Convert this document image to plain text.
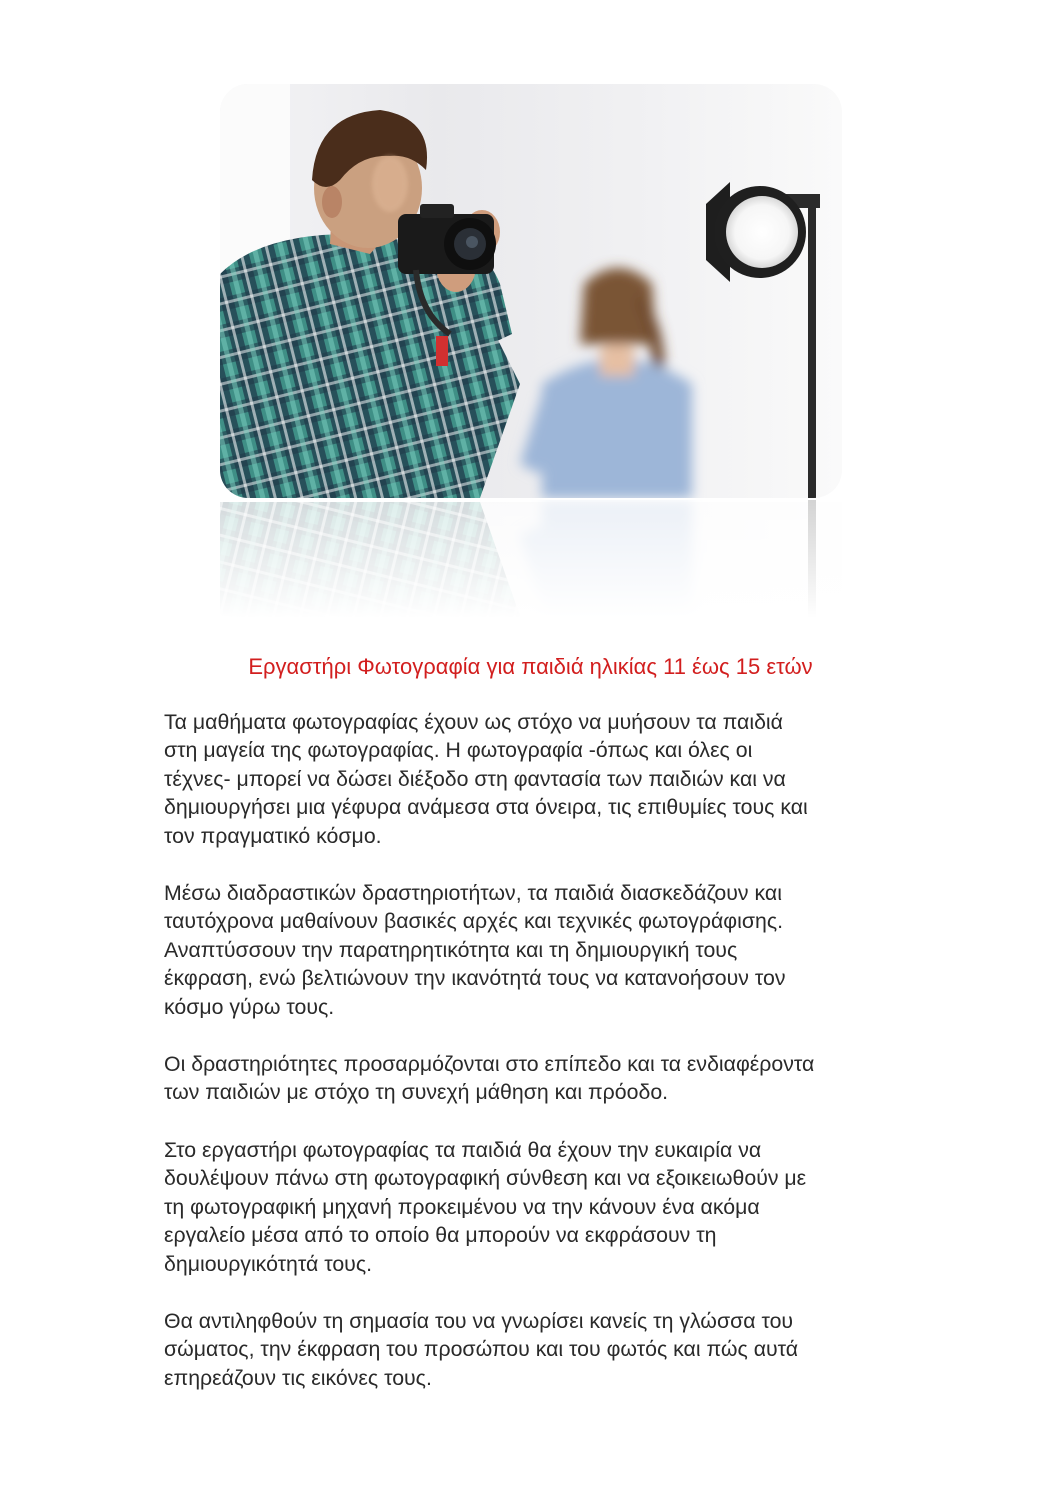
Εργαστήρι Φωτογραφία για παιδιά ηλικίας 11 έως 15 ετών

Τα μαθήματα φωτογραφίας έχουν ως στόχο να μυήσουν τα παιδιά
στη μαγεία της φωτογραφίας. Η φωτογραφία -όπως και όλες οι
τέχνες- μπορεί να δώσει διέξοδο στη φαντασία των παιδιών και να
δημιουργήσει μια γέφυρα ανάμεσα στα όνειρα, τις επιθυμίες τους και
τον πραγματικό κόσμο.

Μέσω διαδραστικών δραστηριοτήτων, τα παιδιά διασκεδάζουν και
ταυτόχρονα μαθαίνουν βασικές αρχές και τεχνικές φωτογράφισης.
Αναπτύσσουν την παρατηρητικότητα και τη δημιουργική τους
έκφραση, ενώ βελτιώνουν την ικανότητά τους να κατανοήσουν τον
κόσμο γύρω τους.

Οι δραστηριότητες προσαρμόζονται στο επίπεδο και τα ενδιαφέροντα
των παιδιών με στόχο τη συνεχή μάθηση και πρόοδο.

Στο εργαστήρι φωτογραφίας τα παιδιά θα έχουν την ευκαιρία να
δουλέψουν πάνω στη φωτογραφική σύνθεση και να εξοικειωθούν με
τη φωτογραφική μηχανή προκειμένου να την κάνουν ένα ακόμα
εργαλείο μέσα από το οποίο θα μπορούν να εκφράσουν τη
δημιουργικότητά τους.

Θα αντιληφθούν τη σημασία του να γνωρίσει κανείς τη γλώσσα του
σώματος, την έκφραση του προσώπου και του φωτός και πώς αυτά
επηρεάζουν τις εικόνες τους.
